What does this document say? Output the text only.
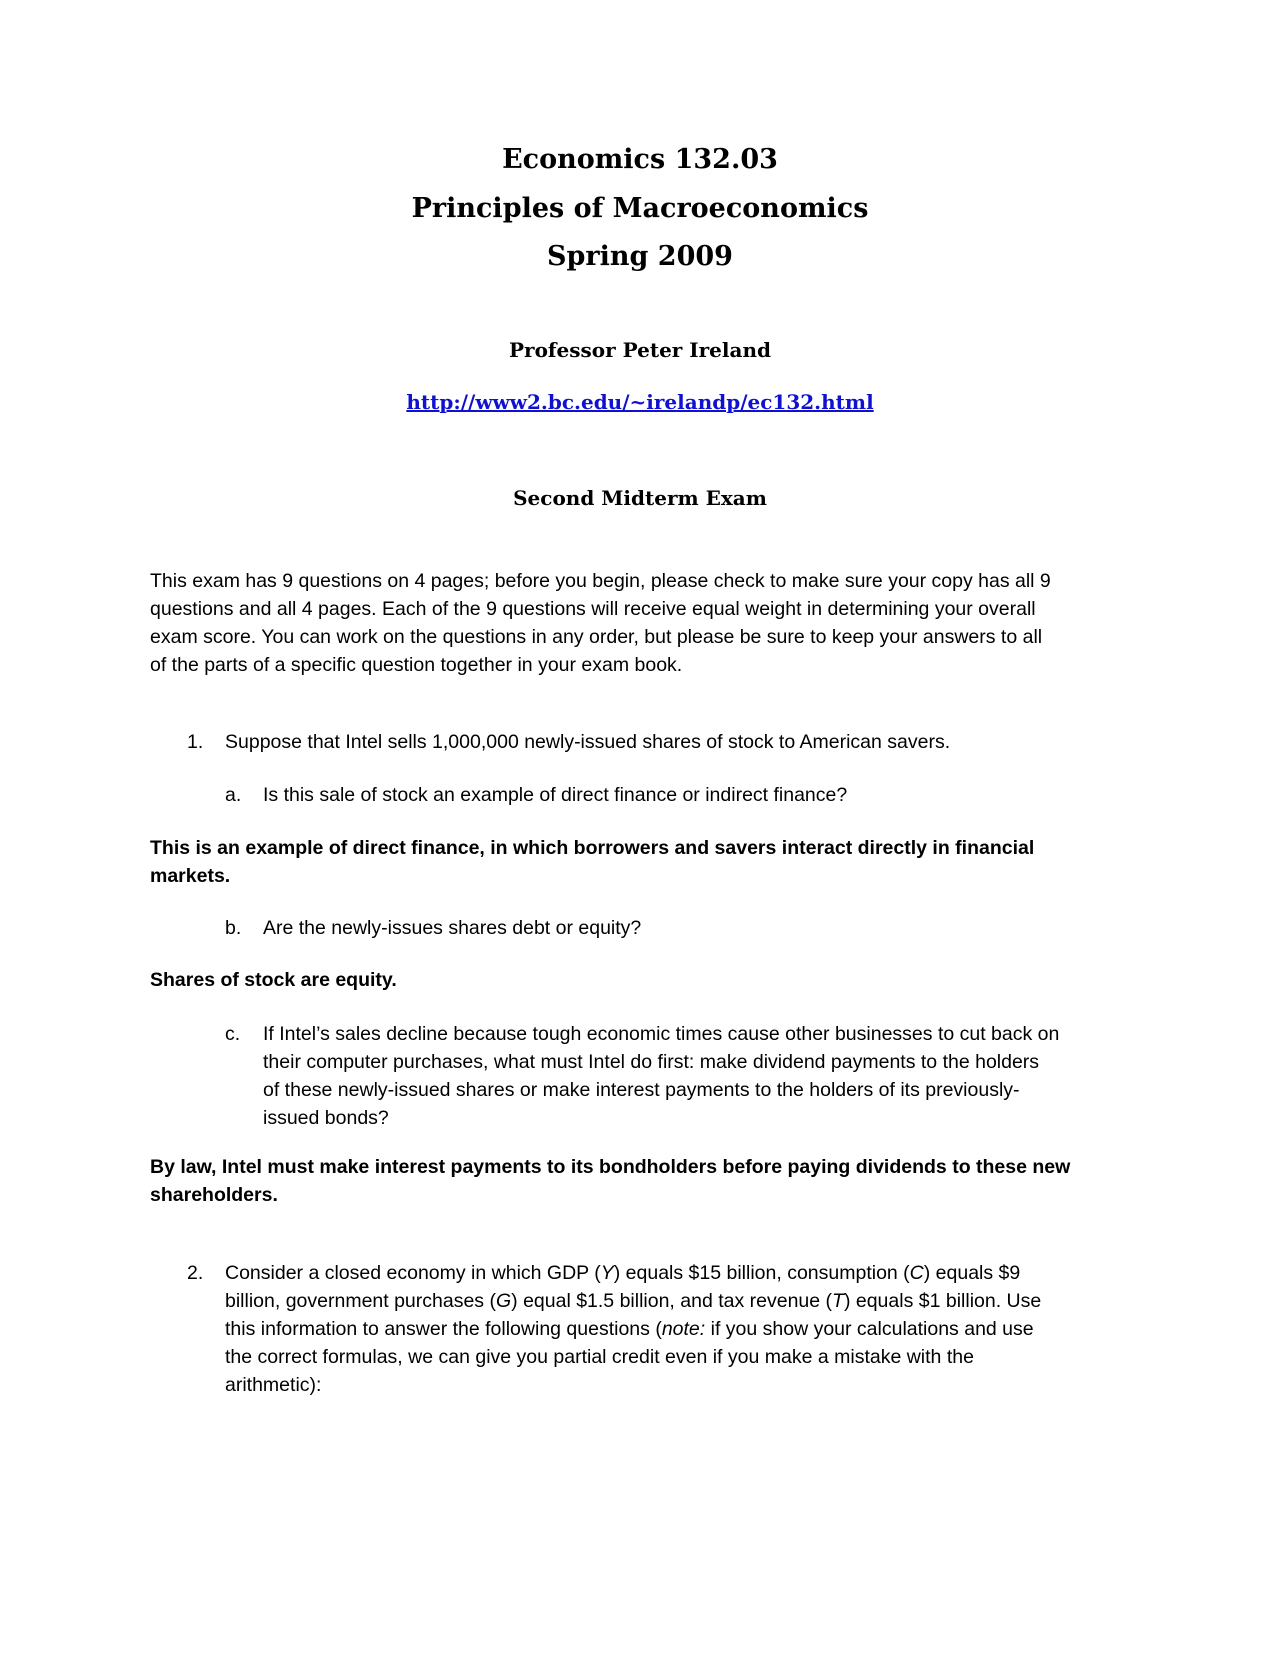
Economics 132.03

Principles of Macroeconomics

Spring 2009

Professor Peter Ireland

http://www2.bc.edu/~irelandp/ec132.html

Second Midterm Exam

This exam has 9 questions on 4 pages; before you begin, please check to make sure your copy has all 9
questions and all 4 pages. Each of the 9 questions will receive equal weight in determining your overall
exam score. You can work on the questions in any order, but please be sure to keep your answers to all
of the parts of a specific question together in your exam book.
1. Suppose that Intel sells 1,000,000 newly-issued shares of stock to American savers.
a. Is this sale of stock an example of direct finance or indirect finance?
This is an example of direct finance, in which borrowers and savers interact directly in financial
markets.
b. Are the newly-issues shares debt or equity?
Shares of stock are equity.
c. If Intel’s sales decline because tough economic times cause other businesses to cut back on
their computer purchases, what must Intel do first: make dividend payments to the holders
of these newly-issued shares or make interest payments to the holders of its previously-
issued bonds?
By law, Intel must make interest payments to its bondholders before paying dividends to these new
shareholders.
2. Consider a closed economy in which GDP (Y) equals $15 billion, consumption (C) equals $9
billion, government purchases (G) equal $1.5 billion, and tax revenue (T) equals $1 billion. Use
this information to answer the following questions (note: if you show your calculations and use
the correct formulas, we can give you partial credit even if you make a mistake with the
arithmetic):
